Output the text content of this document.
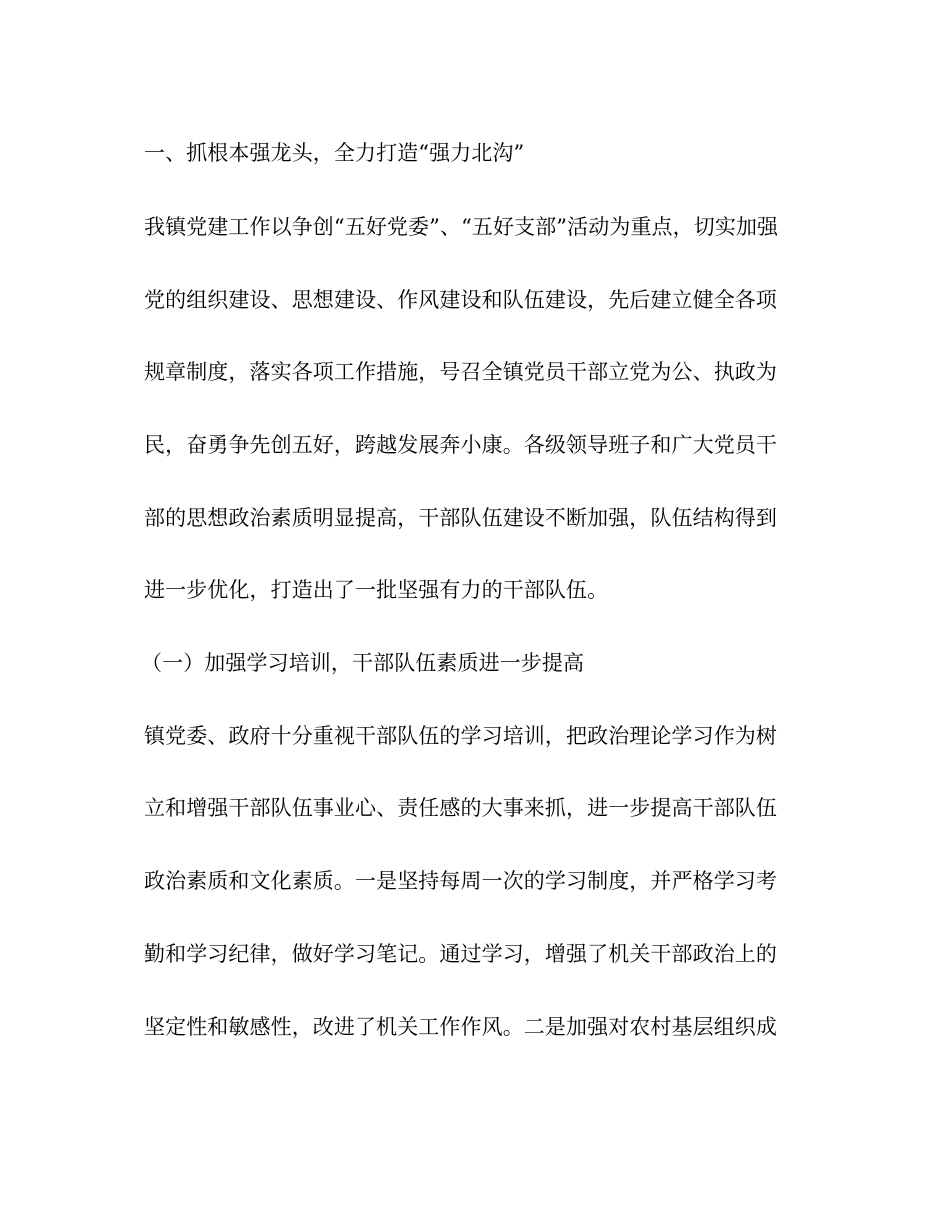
一、抓根本强龙头，全力打造“强力北沟”
我镇党建工作以争创“五好党委”、“五好支部”活动为重点，切实加强
党的组织建设、思想建设、作风建设和队伍建设，先后建立健全各项
规章制度，落实各项工作措施，号召全镇党员干部立党为公、执政为
民，奋勇争先创五好，跨越发展奔小康。各级领导班子和广大党员干
部的思想政治素质明显提高，干部队伍建设不断加强，队伍结构得到
进一步优化，打造出了一批坚强有力的干部队伍。
（一）加强学习培训，干部队伍素质进一步提高
镇党委、政府十分重视干部队伍的学习培训，把政治理论学习作为树
立和增强干部队伍事业心、责任感的大事来抓，进一步提高干部队伍
政治素质和文化素质。一是坚持每周一次的学习制度，并严格学习考
勤和学习纪律，做好学习笔记。通过学习，增强了机关干部政治上的
坚定性和敏感性，改进了机关工作作风。二是加强对农村基层组织成
